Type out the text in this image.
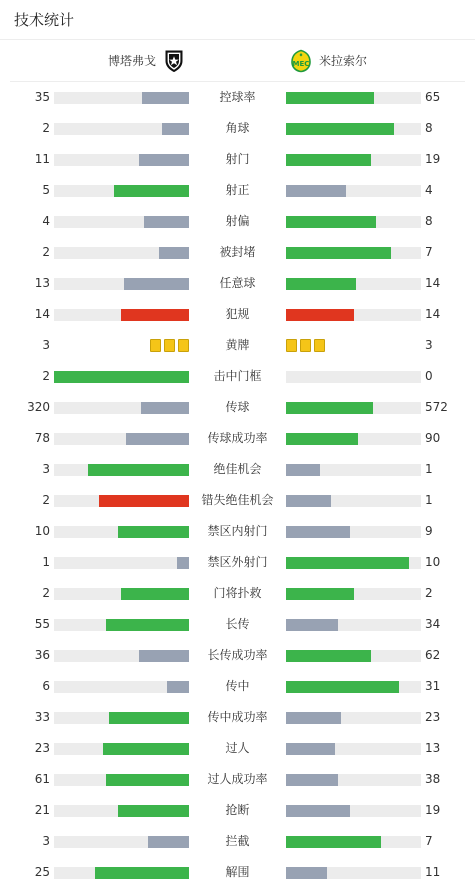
技术统计
博塔弗戈	MEC 米拉索尔
35	控球率	65
2	角球	8
11	射门	19
5	射正	4
4	射偏	8
2	被封堵	7
13	任意球	14
14	犯规	14
3	黄牌	3
2	击中门框	0
320	传球	572
78	传球成功率	90
3	绝佳机会	1
2	错失绝佳机会	1
10	禁区内射门	9
1	禁区外射门	10
2	门将扑救	2
55	长传	34
36	长传成功率	62
6	传中	31
33	传中成功率	23
23	过人	13
61	过人成功率	38
21	抢断	19
3	拦截	7
25	解围	11
